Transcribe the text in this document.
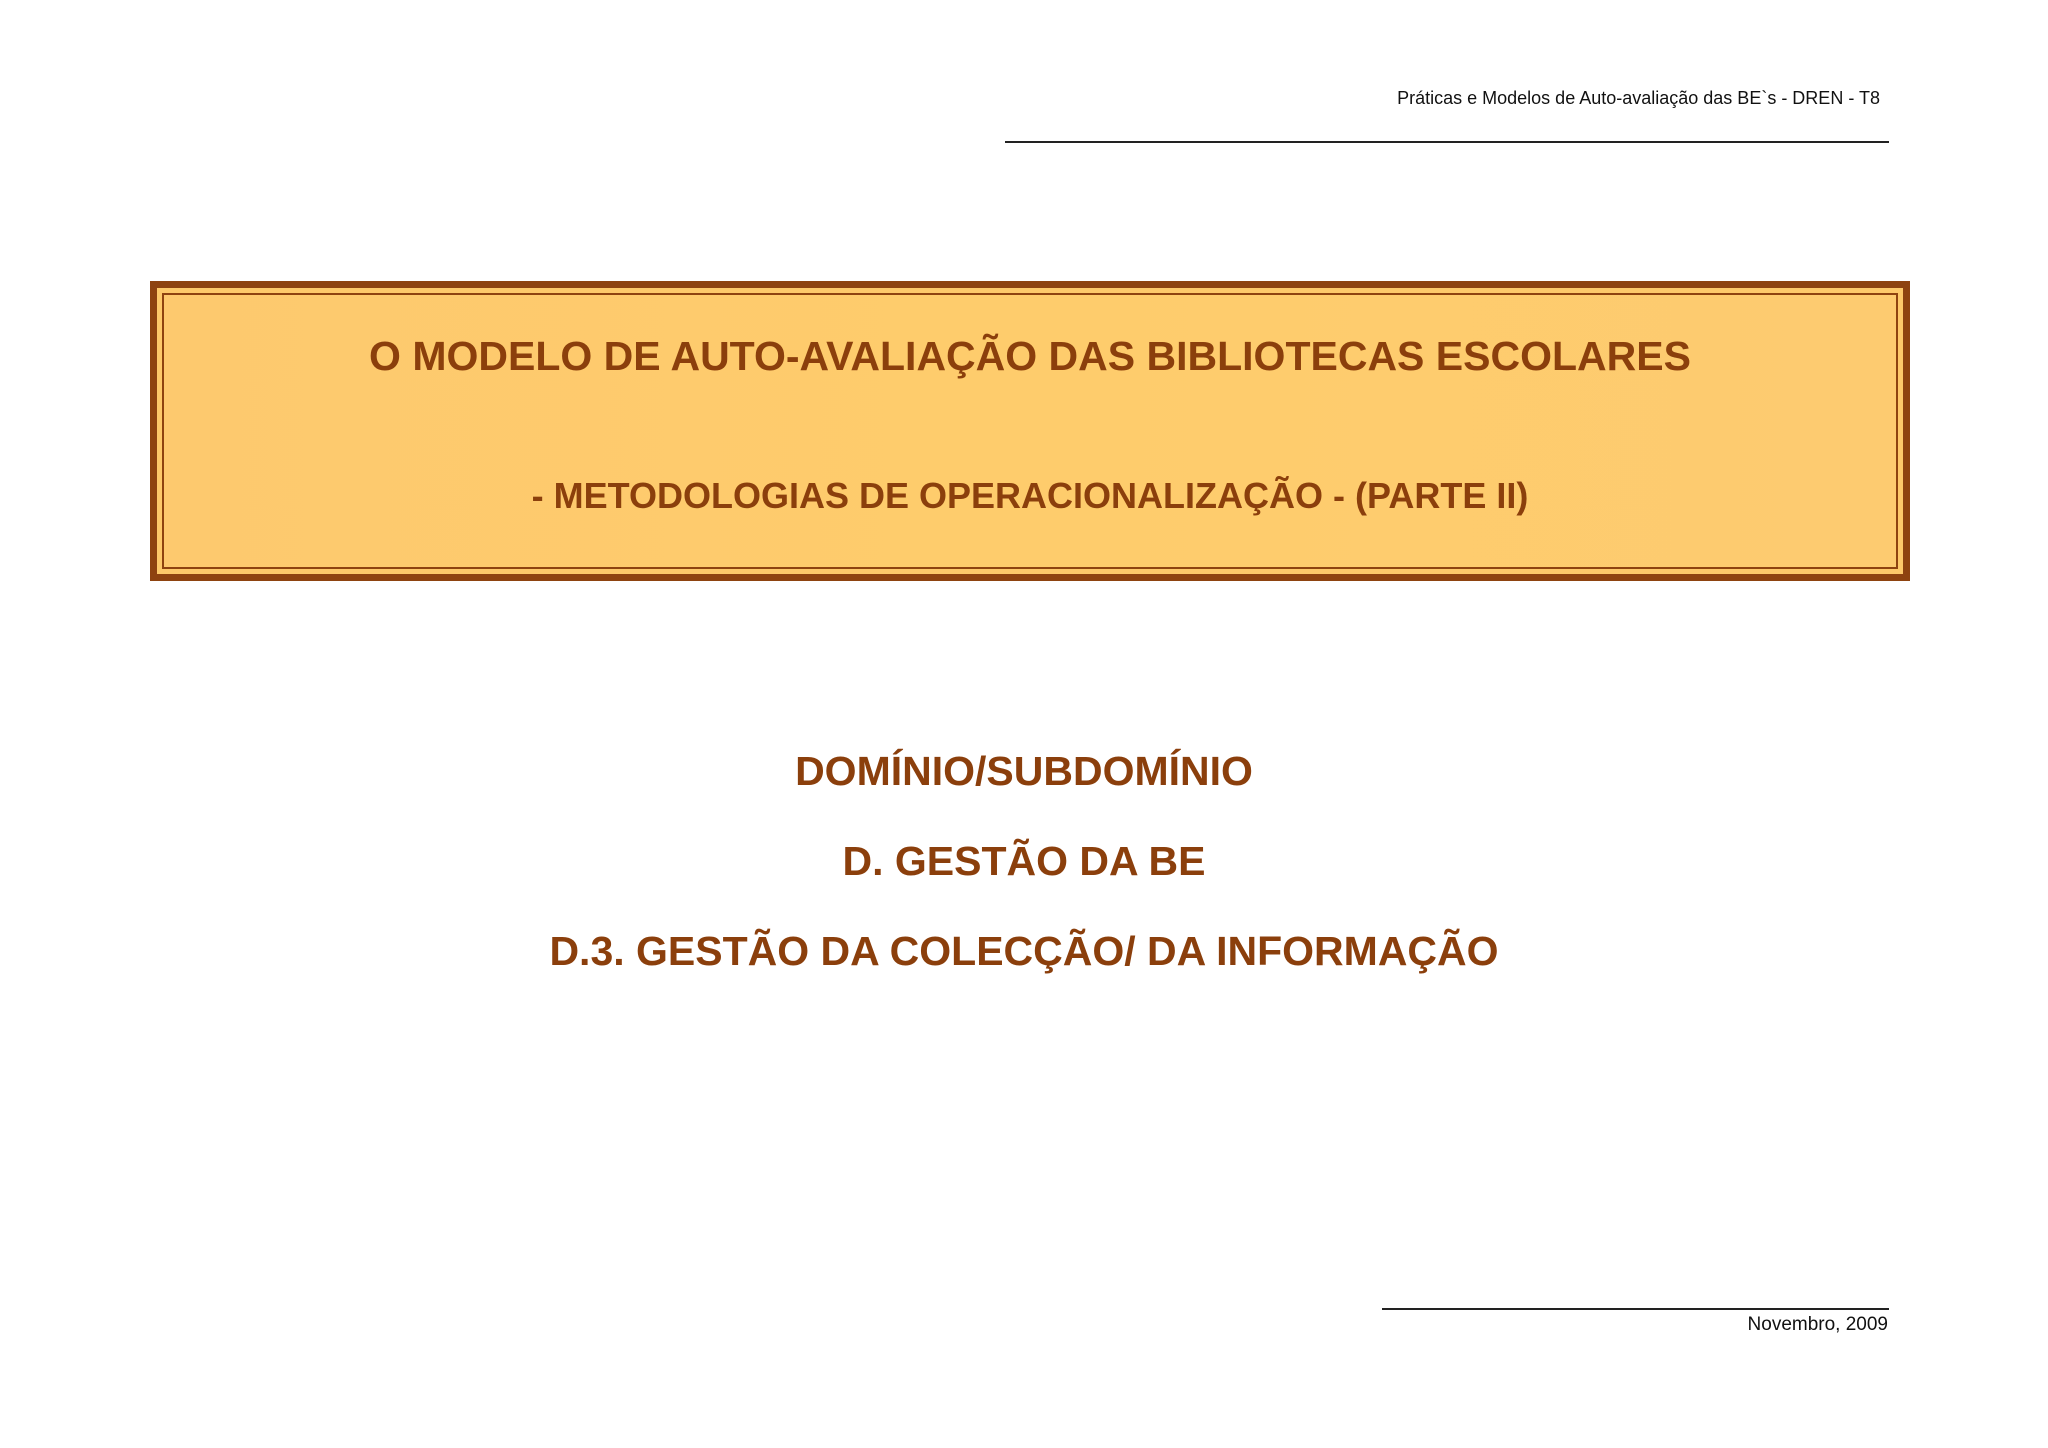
Práticas e Modelos de Auto-avaliação das BE`s - DREN - T8
O MODELO DE AUTO-AVALIAÇÃO DAS BIBLIOTECAS ESCOLARES
- METODOLOGIAS DE OPERACIONALIZAÇÃO - (PARTE II)
DOMÍNIO/SUBDOMÍNIO
D. GESTÃO DA BE
D.3. GESTÃO DA COLECÇÃO/ DA INFORMAÇÃO
Novembro, 2009
